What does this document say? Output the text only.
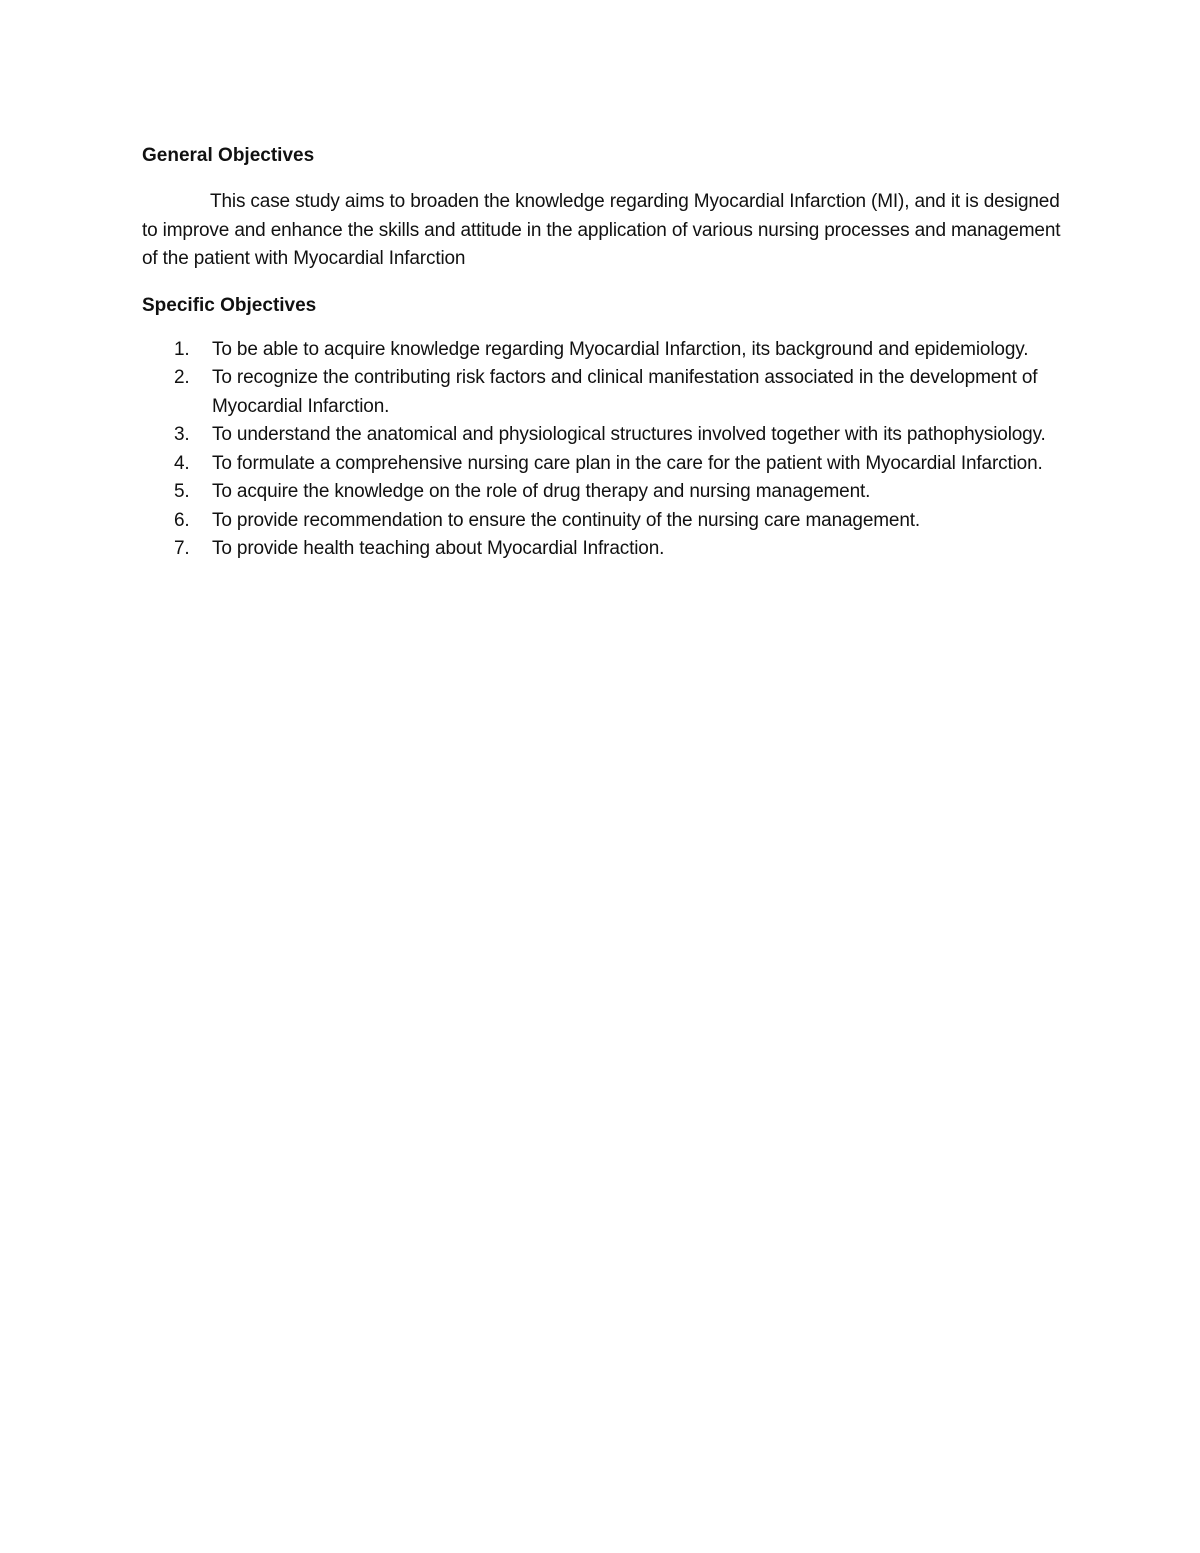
General Objectives

This case study aims to broaden the knowledge regarding Myocardial Infarction (MI), and it is designed to improve and enhance the skills and attitude in the application of various nursing processes and management of the patient with Myocardial Infarction

Specific Objectives

1. To be able to acquire knowledge regarding Myocardial Infarction, its background and epidemiology.
2. To recognize the contributing risk factors and clinical manifestation associated in the development of Myocardial Infarction.
3. To understand the anatomical and physiological structures involved together with its pathophysiology.
4. To formulate a comprehensive nursing care plan in the care for the patient with Myocardial Infarction.
5. To acquire the knowledge on the role of drug therapy and nursing management.
6. To provide recommendation to ensure the continuity of the nursing care management.
7. To provide health teaching about Myocardial Infraction.
